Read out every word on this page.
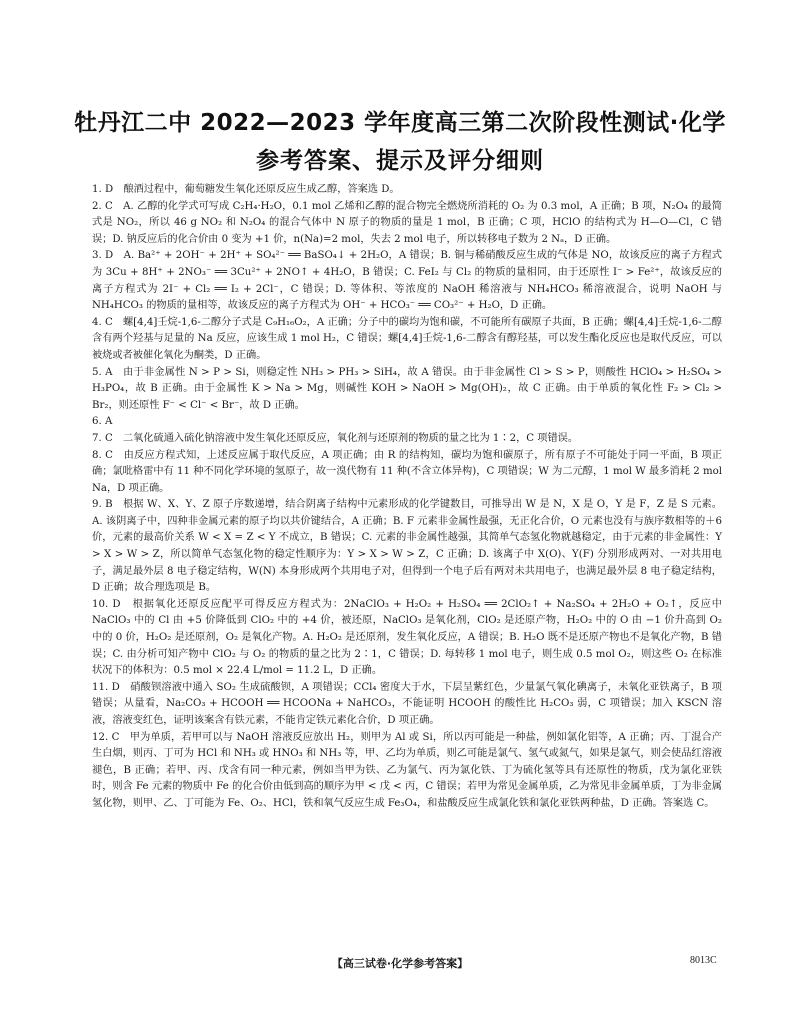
牡丹江二中 2022—2023 学年度高三第二次阶段性测试·化学
参考答案、提示及评分细则

1. D　酿酒过程中，葡萄糖发生氧化还原反应生成乙醇，答案选 D。

2. C　A. 乙醇的化学式可写成 C₂H₄·H₂O，0.1 mol 乙烯和乙醇的混合物完全燃烧所消耗的 O₂ 为 0.3 mol，A 正确；B 项，N₂O₄ 的最简式是 NO₂，所以 46 g NO₂ 和 N₂O₄ 的混合气体中 N 原子的物质的量是 1 mol，B 正确；C 项，HClO 的结构式为 H—O—Cl，C 错误；D. 钠反应后的化合价由 0 变为 +1 价，n(Na)=2 mol，失去 2 mol 电子，所以转移电子数为 2 Nₐ，D 正确。

3. D　A. Ba²⁺ + 2OH⁻ + 2H⁺ + SO₄²⁻ ══ BaSO₄↓ + 2H₂O，A 错误；B. 铜与稀硝酸反应生成的气体是 NO，故该反应的离子方程式为 3Cu + 8H⁺ + 2NO₃⁻ ══ 3Cu²⁺ + 2NO↑ + 4H₂O，B 错误；C. FeI₂ 与 Cl₂ 的物质的量相同，由于还原性 I⁻ > Fe²⁺，故该反应的离子方程式为 2I⁻ + Cl₂ ══ I₂ + 2Cl⁻，C 错误；D. 等体积、等浓度的 NaOH 稀溶液与 NH₄HCO₃ 稀溶液混合，说明 NaOH 与 NH₄HCO₃ 的物质的量相等，故该反应的离子方程式为 OH⁻ + HCO₃⁻ ══ CO₃²⁻ + H₂O，D 正确。

4. C　螺[4,4]壬烷-1,6-二醇分子式是 C₉H₁₆O₂，A 正确；分子中的碳均为饱和碳，不可能所有碳原子共面，B 正确；螺[4,4]壬烷-1,6-二醇含有两个羟基与足量的 Na 反应，应该生成 1 mol H₂，C 错误；螺[4,4]壬烷-1,6-二醇含有醇羟基，可以发生酯化反应也是取代反应，可以被烧或者被催化氧化为酮类，D 正确。

5. A　由于非金属性 N > P > Si，则稳定性 NH₃ > PH₃ > SiH₄，故 A 错误。由于非金属性 Cl > S > P，则酸性 HClO₄ > H₂SO₄ > H₃PO₄，故 B 正确。由于金属性 K > Na > Mg，则碱性 KOH > NaOH > Mg(OH)₂，故 C 正确。由于单质的氧化性 F₂ > Cl₂ > Br₂，则还原性 F⁻ < Cl⁻ < Br⁻，故 D 正确。

6. A

7. C　二氧化硫通入硫化钠溶液中发生氧化还原反应，氧化剂与还原剂的物质的量之比为 1∶2，C 项错误。

8. C　由反应方程式知，上述反应属于取代反应，A 项正确；由 R 的结构知，碳均为饱和碳原子，所有原子不可能处于同一平面，B 项正确；氯吡格雷中有 11 种不同化学环境的氢原子，故一溴代物有 11 种(不含立体异构)，C 项错误；W 为二元醇，1 mol W 最多消耗 2 mol Na，D 项正确。

9. B　根据 W、X、Y、Z 原子序数递增，结合阴离子结构中元素形成的化学键数目，可推导出 W 是 N，X 是 O，Y 是 F，Z 是 S 元素。A. 该阴离子中，四种非金属元素的原子均以共价键结合，A 正确；B. F 元素非金属性最强，无正化合价，O 元素也没有与族序数相等的＋6 价，元素的最高价关系 W < X = Z < Y 不成立，B 错误；C. 元素的非金属性越强，其简单气态氢化物就越稳定，由于元素的非金属性：Y > X > W > Z，所以简单气态氢化物的稳定性顺序为：Y > X > W > Z，C 正确；D. 该离子中 X(O)、Y(F) 分别形成两对、一对共用电子，满足最外层 8 电子稳定结构，W(N) 本身形成两个共用电子对，但得到一个电子后有两对未共用电子，也满足最外层 8 电子稳定结构，D 正确；故合理选项是 B。

10. D　根据氧化还原反应配平可得反应方程式为：2NaClO₃ + H₂O₂ + H₂SO₄ ══ 2ClO₂↑ + Na₂SO₄ + 2H₂O + O₂↑，反应中 NaClO₃ 中的 Cl 由 +5 价降低到 ClO₂ 中的 +4 价，被还原，NaClO₃ 是氧化剂，ClO₂ 是还原产物，H₂O₂ 中的 O 由 −1 价升高到 O₂ 中的 0 价，H₂O₂ 是还原剂，O₂ 是氧化产物。A. H₂O₂ 是还原剂，发生氧化反应，A 错误；B. H₂O 既不是还原产物也不是氧化产物，B 错误；C. 由分析可知产物中 ClO₂ 与 O₂ 的物质的量之比为 2∶1，C 错误；D. 每转移 1 mol 电子，则生成 0.5 mol O₂，则这些 O₂ 在标准状况下的体积为：0.5 mol × 22.4 L/mol = 11.2 L，D 正确。

11. D　硝酸钡溶液中通入 SO₂ 生成硫酸钡，A 项错误；CCl₄ 密度大于水，下层呈紫红色，少量氯气氧化碘离子，未氧化亚铁离子，B 项错误；从量看，Na₂CO₃ + HCOOH ══ HCOONa + NaHCO₃，不能证明 HCOOH 的酸性比 H₂CO₃ 弱，C 项错误；加入 KSCN 溶液，溶液变红色，证明该案含有铁元素，不能肯定铁元素化合价，D 项正确。

12. C　甲为单质，若甲可以与 NaOH 溶液反应放出 H₂，则甲为 Al 或 Si，所以丙可能是一种盐，例如氯化铝等，A 正确；丙、丁混合产生白烟，则丙、丁可为 HCl 和 NH₃ 或 HNO₃ 和 NH₃ 等，甲、乙均为单质，则乙可能是氯气、氢气或氮气，如果是氯气，则会使品红溶液褪色，B 正确；若甲、丙、戊含有同一种元素，例如当甲为铁、乙为氯气、丙为氯化铁、丁为硫化氢等具有还原性的物质，戊为氯化亚铁时，则含 Fe 元素的物质中 Fe 的化合价由低到高的顺序为甲 < 戊 < 丙，C 错误；若甲为常见金属单质，乙为常见非金属单质，丁为非金属氢化物，则甲、乙、丁可能为 Fe、O₂、HCl，铁和氧气反应生成 Fe₃O₄，和盐酸反应生成氯化铁和氯化亚铁两种盐，D 正确。答案选 C。

【高三试卷·化学参考答案】	8013C
